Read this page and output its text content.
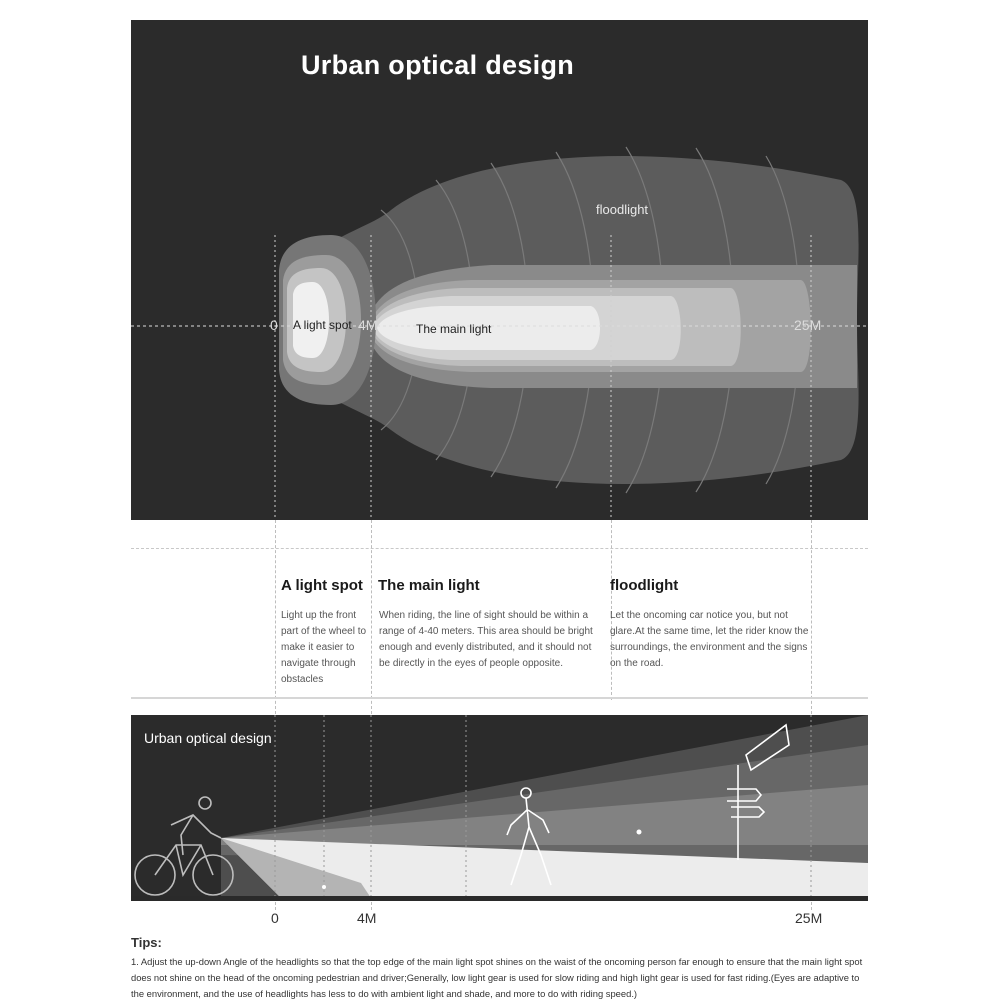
Urban optical design
floodlight
A light spot	The main light
0	4M	25M
A light spot
Light up the front part of the wheel to make it easier to navigate through obstacles
The main light
When riding, the line of sight should be within a range of 4-40 meters. This area should be bright enough and evenly distributed, and it should not be directly in the eyes of people opposite.
floodlight
Let the oncoming car notice you, but not glare.At the same time, let the rider know the surroundings, the environment and the signs on the road.
Urban optical design
0	4M	25M
Tips:
1. Adjust the up-down Angle of the headlights so that the top edge of the main light spot shines on the waist of the oncoming person far enough to ensure that the main light spot does not shine on the head of the oncoming pedestrian and driver;Generally, low light gear is used for slow riding and high light gear is used for fast riding.(Eyes are adaptive to the environment, and the use of headlights has less to do with ambient light and shade, and more to do with riding speed.)
